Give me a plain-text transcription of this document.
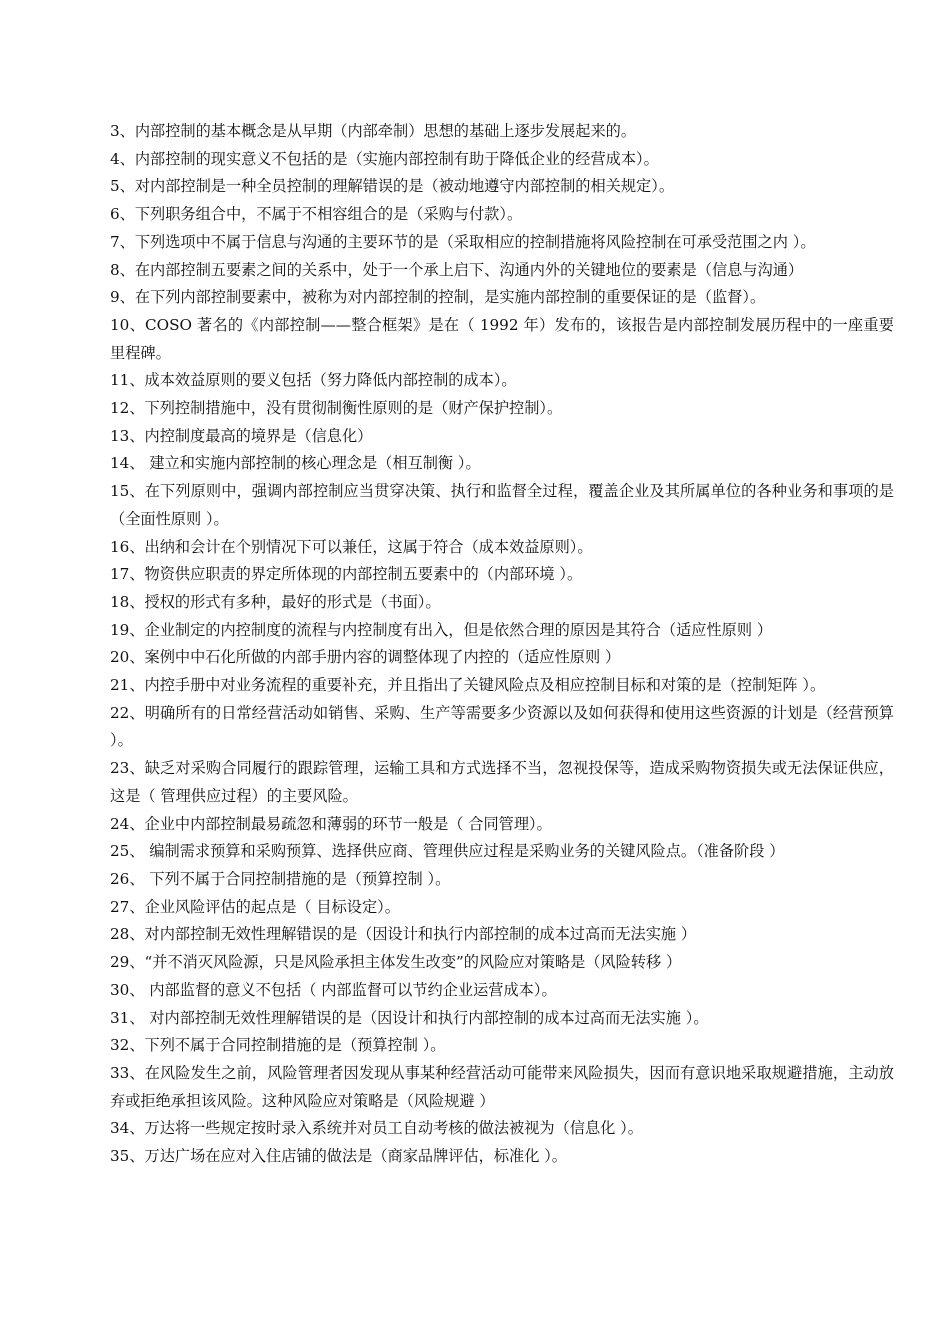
3、内部控制的基本概念是从早期（内部牵制）思想的基础上逐步发展起来的。

4、内部控制的现实意义不包括的是（实施内部控制有助于降低企业的经营成本）。

5、对内部控制是一种全员控制的理解错误的是（被动地遵守内部控制的相关规定）。

6、下列职务组合中，不属于不相容组合的是（采购与付款）。

7、下列选项中不属于信息与沟通的主要环节的是（采取相应的控制措施将风险控制在可承受范围之内 ）。

8、在内部控制五要素之间的关系中，处于一个承上启下、沟通内外的关键地位的要素是（信息与沟通）

9、在下列内部控制要素中，被称为对内部控制的控制，是实施内部控制的重要保证的是（监督）。

10、COSO 著名的《内部控制——整合框架》是在（ 1992 年）发布的，该报告是内部控制发展历程中的一座重要里程碑。

11、成本效益原则的要义包括（努力降低内部控制的成本）。

12、下列控制措施中，没有贯彻制衡性原则的是（财产保护控制）。

13、内控制度最高的境界是（信息化）

14、 建立和实施内部控制的核心理念是（相互制衡 ）。

15、在下列原则中，强调内部控制应当贯穿决策、执行和监督全过程，覆盖企业及其所属单位的各种业务和事项的是（全面性原则 ）。

16、出纳和会计在个别情况下可以兼任，这属于符合（成本效益原则）。

17、物资供应职责的界定所体现的内部控制五要素中的（内部环境 ）。

18、授权的形式有多种，最好的形式是（书面）。

19、企业制定的内控制度的流程与内控制度有出入，但是依然合理的原因是其符合（适应性原则 ）

20、案例中中石化所做的内部手册内容的调整体现了内控的（适应性原则 ）

21、内控手册中对业务流程的重要补充，并且指出了关键风险点及相应控制目标和对策的是（控制矩阵 ）。

22、明确所有的日常经营活动如销售、采购、生产等需要多少资源以及如何获得和使用这些资源的计划是（经营预算 ）。

23、缺乏对采购合同履行的跟踪管理，运输工具和方式选择不当，忽视投保等，造成采购物资损失或无法保证供应，这是（ 管理供应过程）的主要风险。

24、企业中内部控制最易疏忽和薄弱的环节一般是（ 合同管理）。

25、 编制需求预算和采购预算、选择供应商、管理供应过程是采购业务的关键风险点。（准备阶段 ）

26、 下列不属于合同控制措施的是（预算控制 ）。

27、企业风险评估的起点是（ 目标设定）。

28、对内部控制无效性理解错误的是（因设计和执行内部控制的成本过高而无法实施 ）

29、“并不消灭风险源，只是风险承担主体发生改变”的风险应对策略是（风险转移 ）

30、 内部监督的意义不包括（ 内部监督可以节约企业运营成本）。

31、 对内部控制无效性理解错误的是（因设计和执行内部控制的成本过高而无法实施 ）。

32、下列不属于合同控制措施的是（预算控制 ）。

33、在风险发生之前，风险管理者因发现从事某种经营活动可能带来风险损失，因而有意识地采取规避措施，主动放弃或拒绝承担该风险。这种风险应对策略是（风险规避 ）

34、万达将一些规定按时录入系统并对员工自动考核的做法被视为（信息化 ）。

35、万达广场在应对入住店铺的做法是（商家品牌评估，标准化 ）。
